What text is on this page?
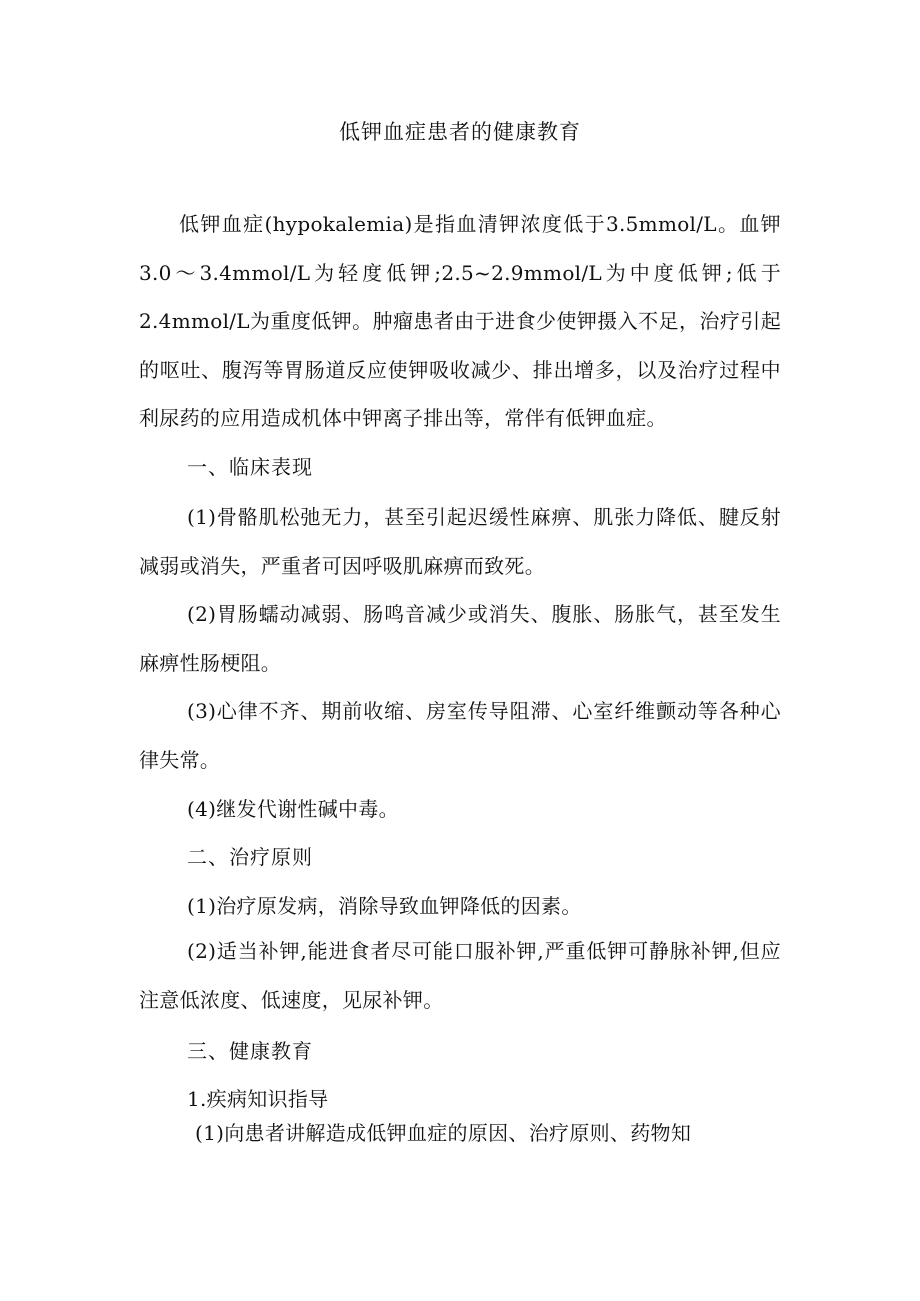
低钾血症患者的健康教育

低钾血症(hypokalemia)是指血清钾浓度低于3.5mmol/L。血钾3.0～3.4mmol/L为轻度低钾;2.5~2.9mmol/L为中度低钾;低于2.4mmol/L为重度低钾。肿瘤患者由于进食少使钾摄入不足，治疗引起的呕吐、腹泻等胃肠道反应使钾吸收减少、排出增多，以及治疗过程中利尿药的应用造成机体中钾离子排出等，常伴有低钾血症。

一、临床表现

(1)骨骼肌松弛无力，甚至引起迟缓性麻痹、肌张力降低、腱反射减弱或消失，严重者可因呼吸肌麻痹而致死。

(2)胃肠蠕动减弱、肠鸣音减少或消失、腹胀、肠胀气，甚至发生麻痹性肠梗阻。

(3)心律不齐、期前收缩、房室传导阻滞、心室纤维颤动等各种心律失常。

(4)继发代谢性碱中毒。
二、治疗原则
(1)治疗原发病，消除导致血钾降低的因素。

(2)适当补钾,能进食者尽可能口服补钾,严重低钾可静脉补钾,但应注意低浓度、低速度，见尿补钾。

三、健康教育
1.疾病知识指导
(1)向患者讲解造成低钾血症的原因、治疗原则、药物知
